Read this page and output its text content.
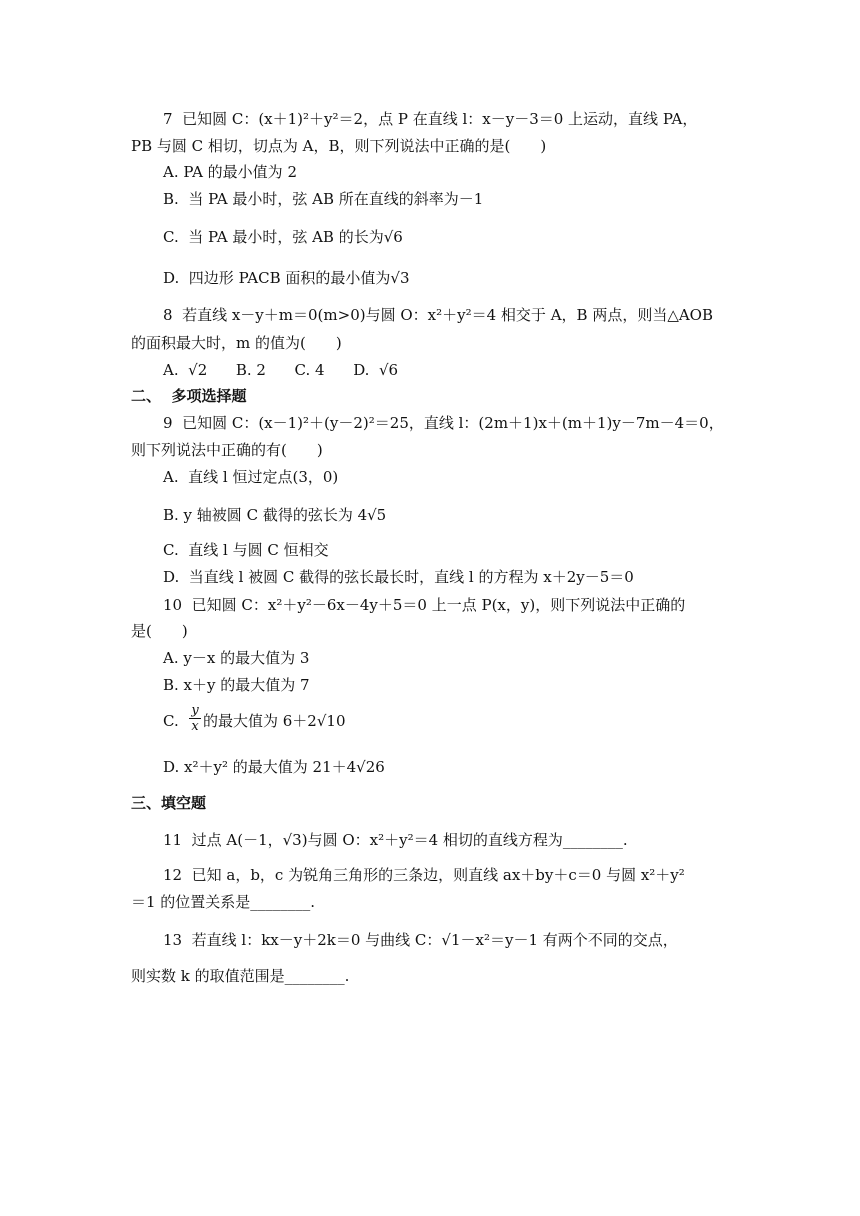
7  已知圆 C：(x＋1)²＋y²＝2，点 P 在直线 l：x－y－3＝0 上运动，直线 PA，
PB 与圆 C 相切，切点为 A，B，则下列说法中正确的是(　　)
A. PA 的最小值为 2
B.  当 PA 最小时，弦 AB 所在直线的斜率为－1
C.  当 PA 最小时，弦 AB 的长为√6
D.  四边形 PACB 面积的最小值为√3
8  若直线 x－y＋m＝0(m>0)与圆 O：x²＋y²＝4 相交于 A，B 两点，则当△AOB
的面积最大时，m 的值为(　　)
A.  √2      B. 2      C. 4      D.  √6
二、  多项选择题
9  已知圆 C：(x－1)²＋(y－2)²＝25，直线 l：(2m＋1)x＋(m＋1)y－7m－4＝0，
则下列说法中正确的有(　　)
A.  直线 l 恒过定点(3，0)
B. y 轴被圆 C 截得的弦长为 4√5
C.  直线 l 与圆 C 恒相交
D.  当直线 l 被圆 C 截得的弦长最长时，直线 l 的方程为 x＋2y－5＝0
10  已知圆 C：x²＋y²－6x－4y＋5＝0 上一点 P(x，y)，则下列说法中正确的
是(　　)
A. y－x 的最大值为 3
B. x＋y 的最大值为 7
C.
y
x 的最大值为 6＋2√10
D. x²＋y² 的最大值为 21＋4√26
三、填空题
11  过点 A(－1，√3)与圆 O：x²＋y²＝4 相切的直线方程为________.
12  已知 a，b，c 为锐角三角形的三条边，则直线 ax＋by＋c＝0 与圆 x²＋y²
＝1 的位置关系是________.
13  若直线 l：kx－y＋2k＝0 与曲线 C：√1－x²＝y－1 有两个不同的交点，
则实数 k 的取值范围是________.
